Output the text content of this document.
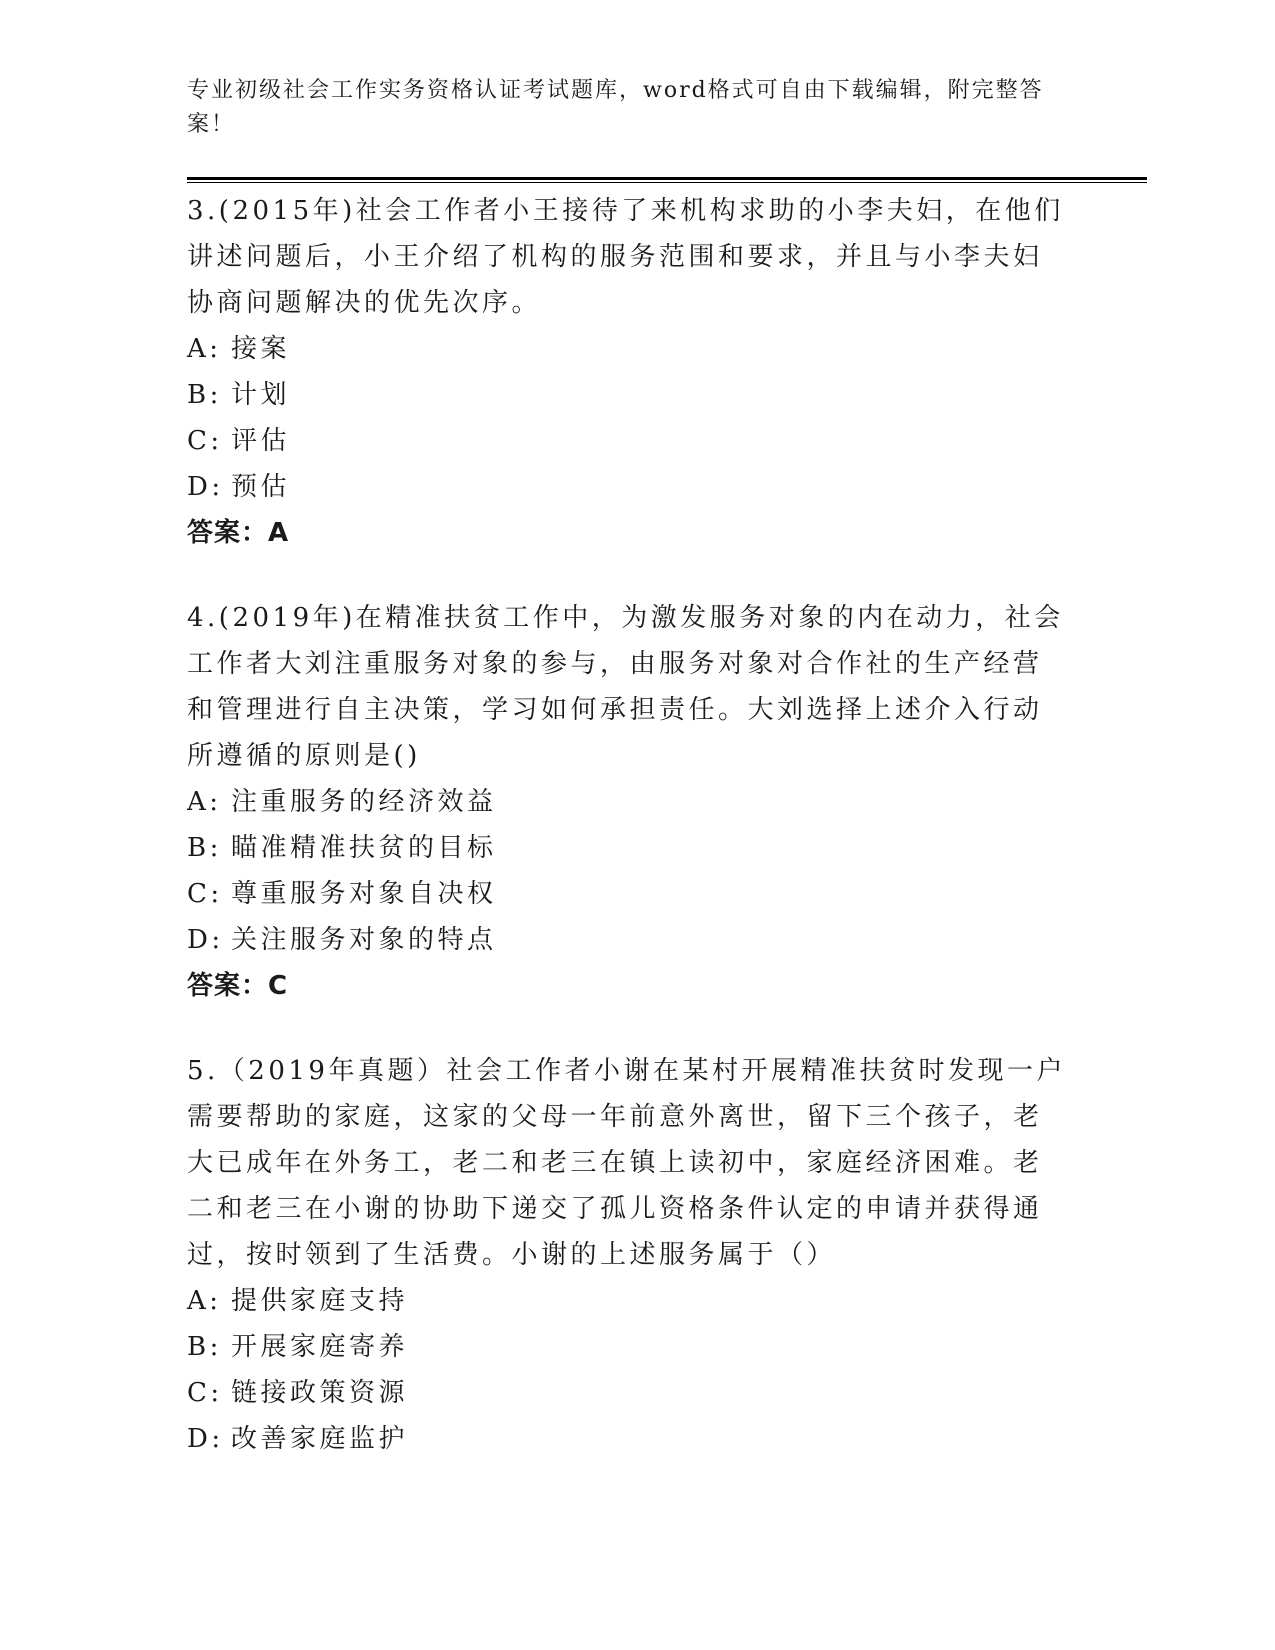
专业初级社会工作实务资格认证考试题库，word格式可自由下载编辑，附完整答案！

3.(2015年)社会工作者小王接待了来机构求助的小李夫妇，在他们讲述问题后，小王介绍了机构的服务范围和要求，并且与小李夫妇协商问题解决的优先次序。

A: 接案
B: 计划
C: 评估
D: 预估

答案：A

4.(2019年)在精准扶贫工作中，为激发服务对象的内在动力，社会工作者大刘注重服务对象的参与，由服务对象对合作社的生产经营和管理进行自主决策，学习如何承担责任。大刘选择上述介入行动所遵循的原则是()

A: 注重服务的经济效益
B: 瞄准精准扶贫的目标
C: 尊重服务对象自决权
D: 关注服务对象的特点

答案：C

5.（2019年真题）社会工作者小谢在某村开展精准扶贫时发现一户需要帮助的家庭，这家的父母一年前意外离世，留下三个孩子，老大已成年在外务工，老二和老三在镇上读初中，家庭经济困难。老二和老三在小谢的协助下递交了孤儿资格条件认定的申请并获得通过，按时领到了生活费。小谢的上述服务属于（）

A: 提供家庭支持
B: 开展家庭寄养
C: 链接政策资源
D: 改善家庭监护
